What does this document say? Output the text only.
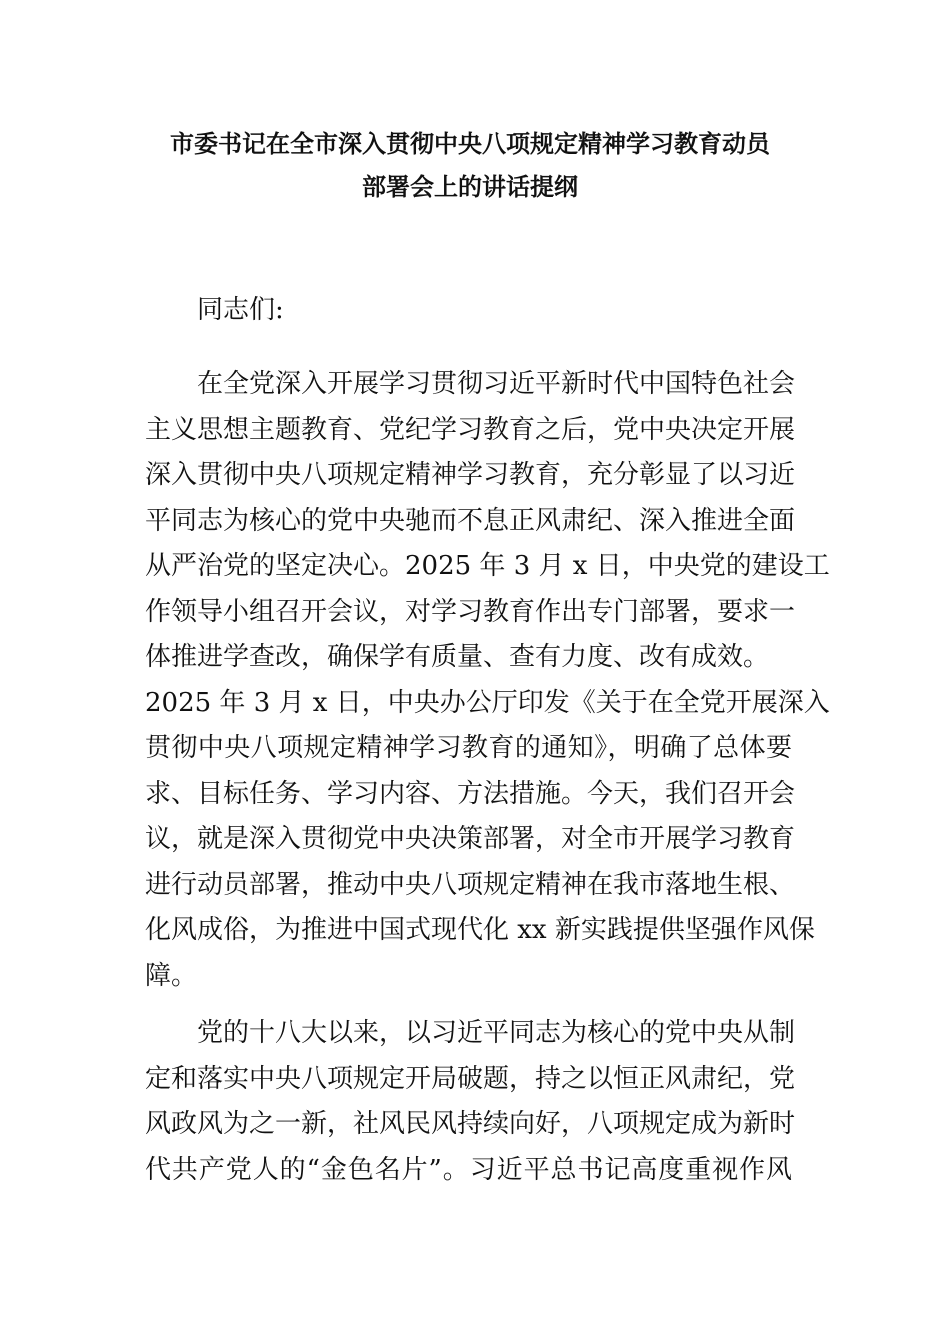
市委书记在全市深入贯彻中央八项规定精神学习教育动员
部署会上的讲话提纲
同志们:
在全党深入开展学习贯彻习近平新时代中国特色社会
主义思想主题教育、党纪学习教育之后，党中央决定开展
深入贯彻中央八项规定精神学习教育，充分彰显了以习近
平同志为核心的党中央驰而不息正风肃纪、深入推进全面
从严治党的坚定决心。2025 年 3 月 x 日，中央党的建设工
作领导小组召开会议，对学习教育作出专门部署，要求一
体推进学查改，确保学有质量、查有力度、改有成效。
2025 年 3 月 x 日，中央办公厅印发《关于在全党开展深入
贯彻中央八项规定精神学习教育的通知》，明确了总体要
求、目标任务、学习内容、方法措施。今天，我们召开会
议，就是深入贯彻党中央决策部署，对全市开展学习教育
进行动员部署，推动中央八项规定精神在我市落地生根、
化风成俗，为推进中国式现代化 xx 新实践提供坚强作风保
障。
党的十八大以来，以习近平同志为核心的党中央从制
定和落实中央八项规定开局破题，持之以恒正风肃纪，党
风政风为之一新，社风民风持续向好，八项规定成为新时
代共产党人的“金色名片”。习近平总书记高度重视作风
